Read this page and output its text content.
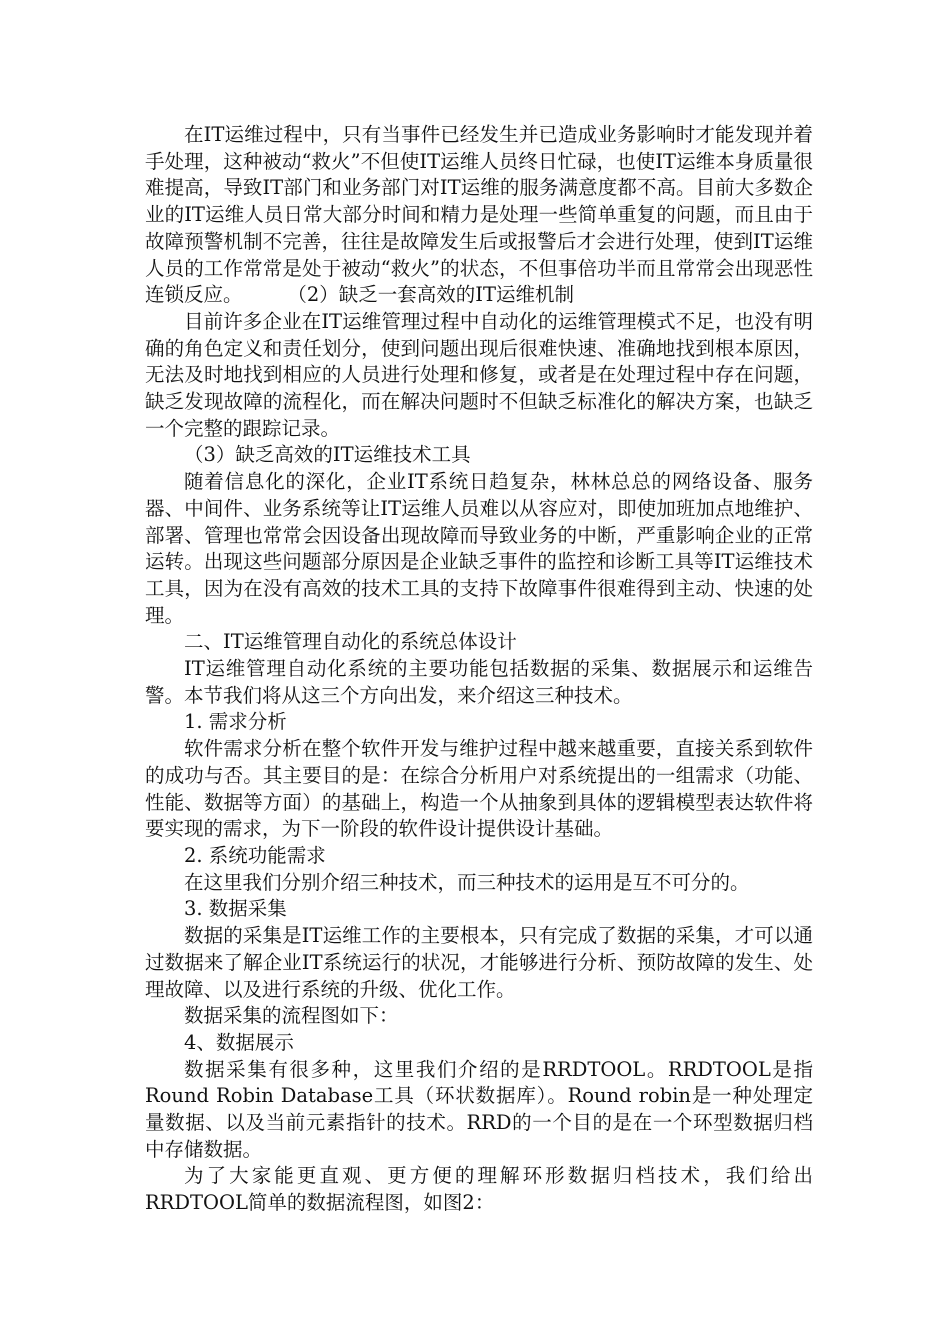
在IT运维过程中，只有当事件已经发生并已造成业务影响时才能发现并着手处理，这种被动“救火”不但使IT运维人员终日忙碌，也使IT运维本身质量很难提高，导致IT部门和业务部门对IT运维的服务满意度都不高。目前大多数企业的IT运维人员日常大部分时间和精力是处理一些简单重复的问题，而且由于故障预警机制不完善，往往是故障发生后或报警后才会进行处理，使到IT运维人员的工作常常是处于被动“救火”的状态，不但事倍功半而且常常会出现恶性连锁反应。	（2）缺乏一套高效的IT运维机制

目前许多企业在IT运维管理过程中自动化的运维管理模式不足，也没有明确的角色定义和责任划分，使到问题出现后很难快速、准确地找到根本原因，无法及时地找到相应的人员进行处理和修复，或者是在处理过程中存在问题，缺乏发现故障的流程化，而在解决问题时不但缺乏标准化的解决方案，也缺乏一个完整的跟踪记录。

（3）缺乏高效的IT运维技术工具

随着信息化的深化，企业IT系统日趋复杂，林林总总的网络设备、服务器、中间件、业务系统等让IT运维人员难以从容应对，即使加班加点地维护、部署、管理也常常会因设备出现故障而导致业务的中断，严重影响企业的正常运转。出现这些问题部分原因是企业缺乏事件的监控和诊断工具等IT运维技术工具，因为在没有高效的技术工具的支持下故障事件很难得到主动、快速的处理。

二、IT运维管理自动化的系统总体设计

IT运维管理自动化系统的主要功能包括数据的采集、数据展示和运维告警。本节我们将从这三个方向出发，来介绍这三种技术。

1. 需求分析

软件需求分析在整个软件开发与维护过程中越来越重要，直接关系到软件的成功与否。其主要目的是：在综合分析用户对系统提出的一组需求（功能、性能、数据等方面）的基础上，构造一个从抽象到具体的逻辑模型表达软件将要实现的需求，为下一阶段的软件设计提供设计基础。

2. 系统功能需求

在这里我们分别介绍三种技术，而三种技术的运用是互不可分的。

3. 数据采集

数据的采集是IT运维工作的主要根本，只有完成了数据的采集，才可以通过数据来了解企业IT系统运行的状况，才能够进行分析、预防故障的发生、处理故障、以及进行系统的升级、优化工作。

数据采集的流程图如下：

4、数据展示

数据采集有很多种，这里我们介绍的是RRDTOOL。RRDTOOL是指Round Robin Database工具（环状数据库）。Round robin是一种处理定量数据、以及当前元素指针的技术。RRD的一个目的是在一个环型数据归档中存储数据。

为了大家能更直观、更方便的理解环形数据归档技术，我们给出RRDTOOL简单的数据流程图，如图2：
